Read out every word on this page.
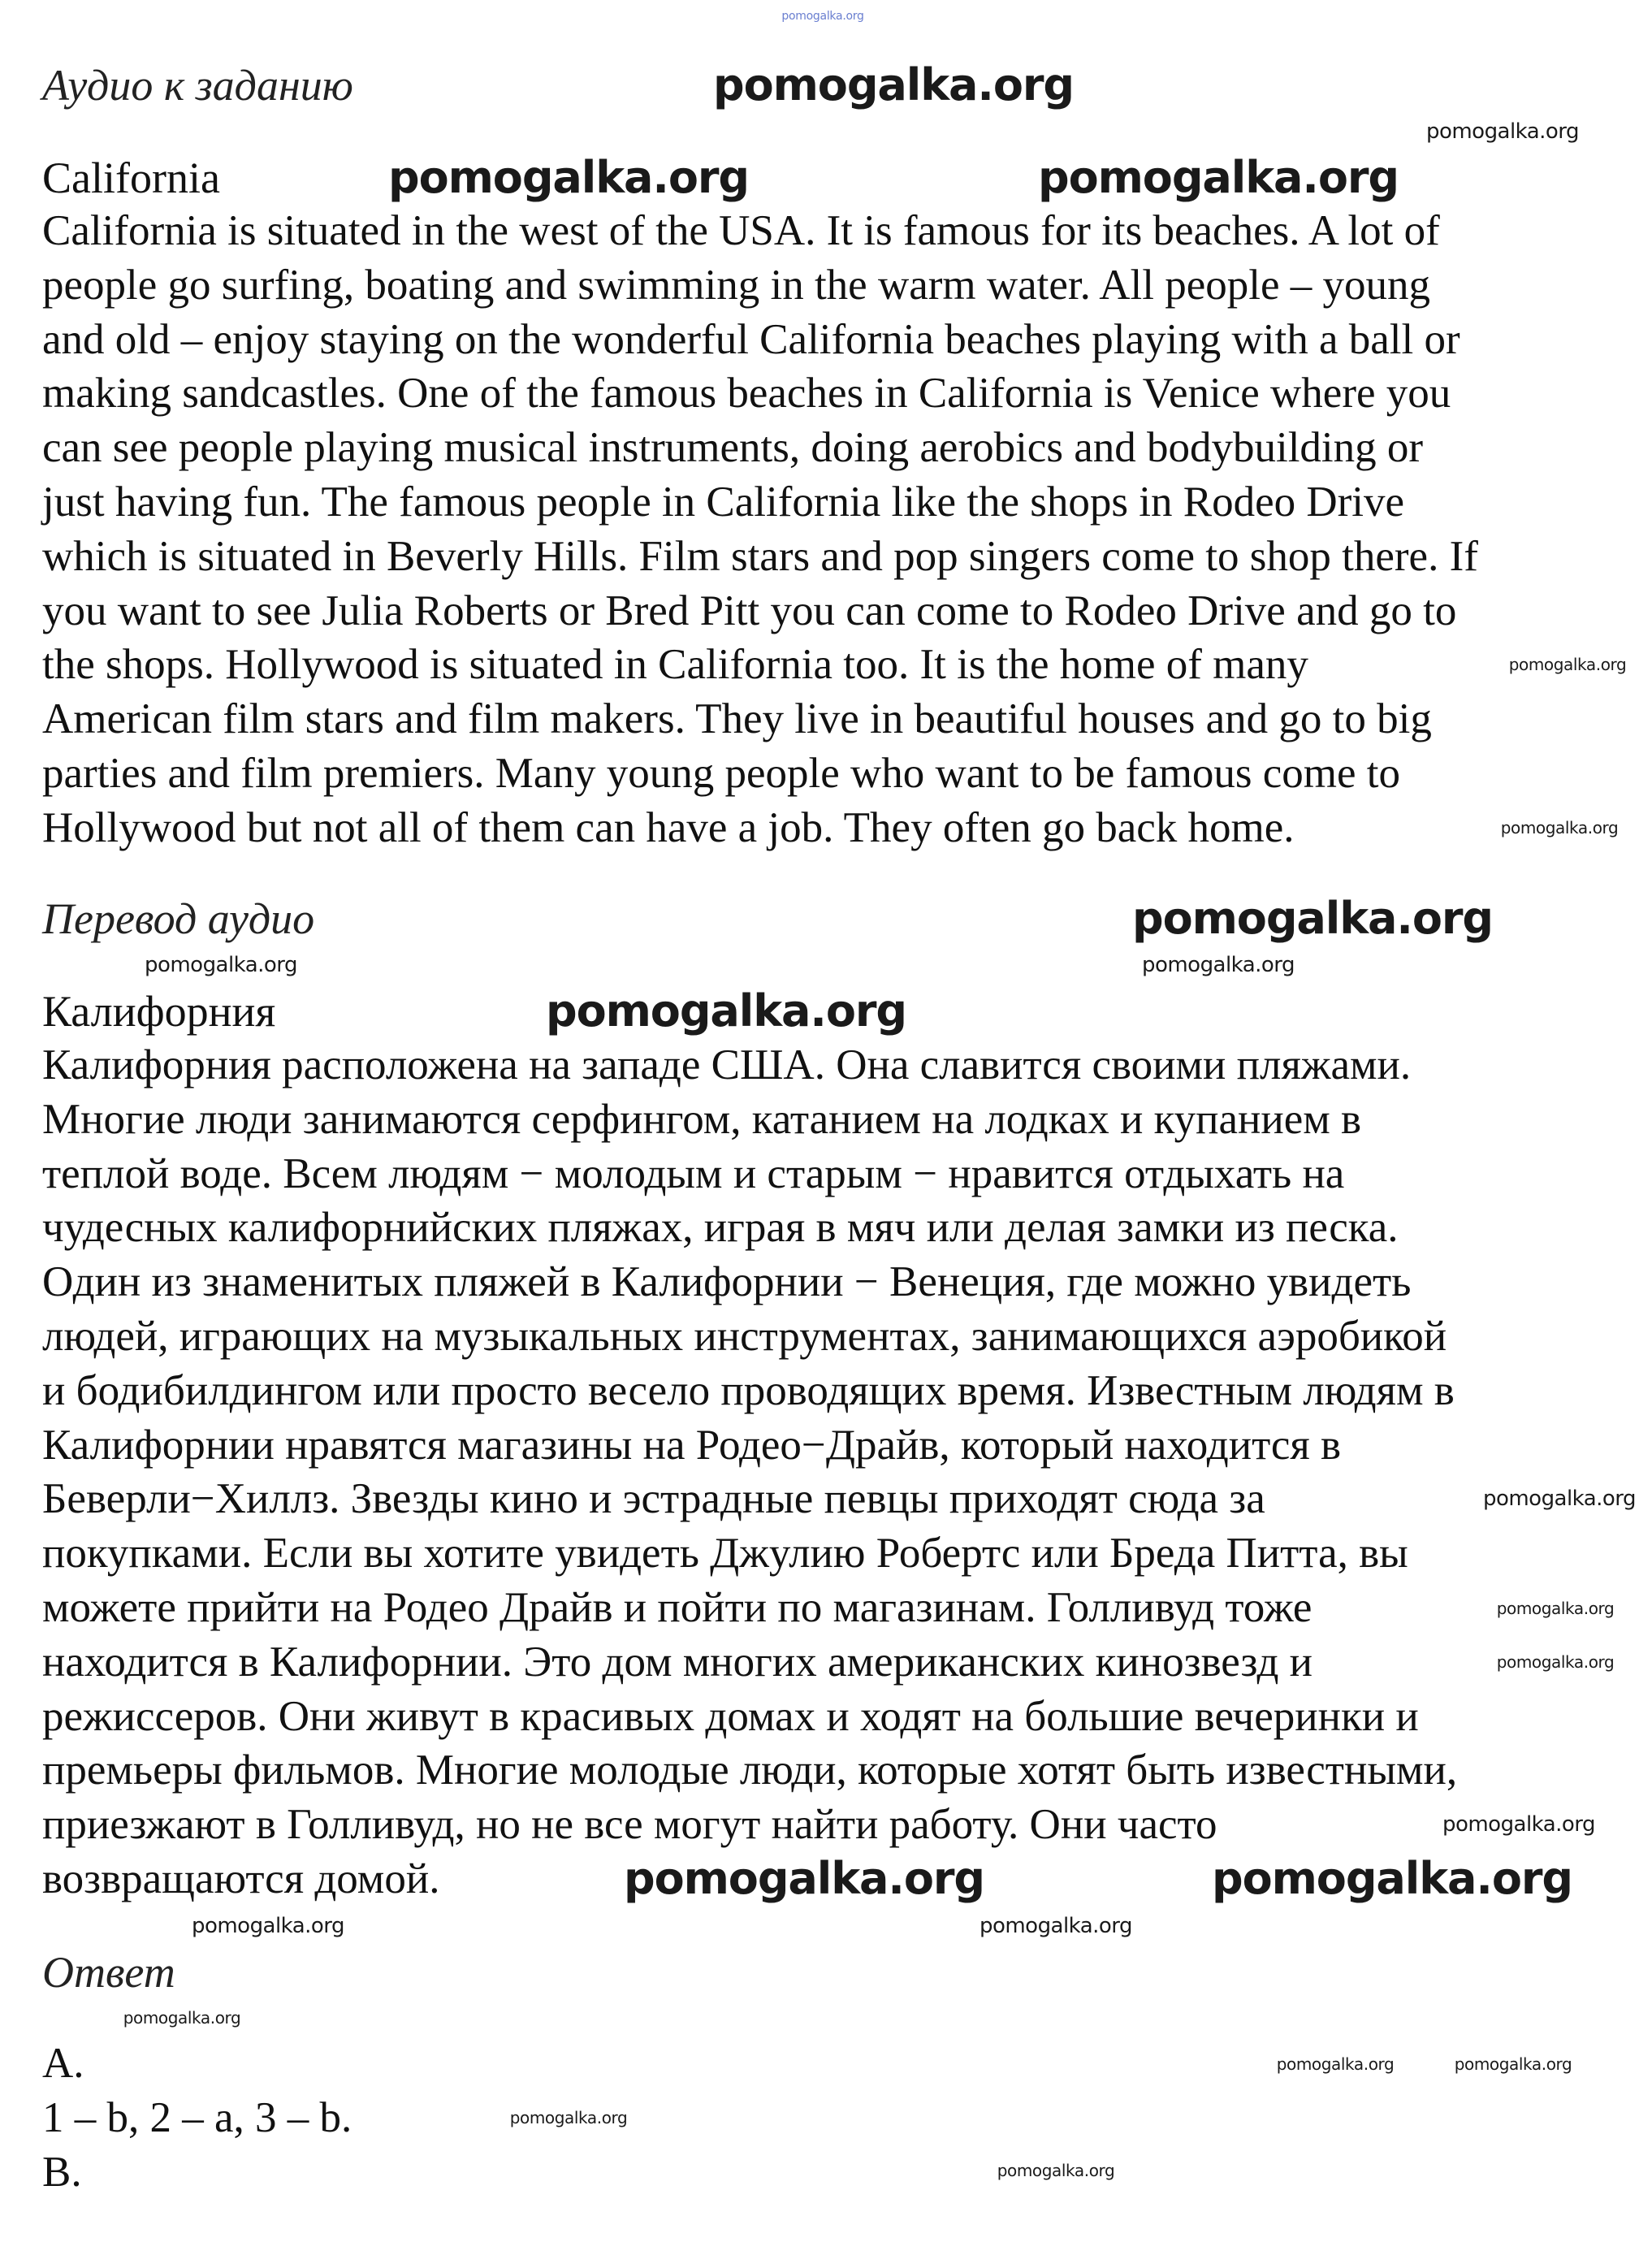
Аудио к заданию
California
California is situated in the west of the USA. It is famous for its beaches. A lot of
people go surfing, boating and swimming in the warm water. All people – young
and old – enjoy staying on the wonderful California beaches playing with a ball or
making sandcastles. One of the famous beaches in California is Venice where you
can see people playing musical instruments, doing aerobics and bodybuilding or
just having fun. The famous people in California like the shops in Rodeo Drive
which is situated in Beverly Hills. Film stars and pop singers come to shop there. If
you want to see Julia Roberts or Bred Pitt you can come to Rodeo Drive and go to
the shops. Hollywood is situated in California too. It is the home of many
American film stars and film makers. They live in beautiful houses and go to big
parties and film premiers. Many young people who want to be famous come to
Hollywood but not all of them can have a job. They often go back home.
Перевод аудио
Калифорния
Калифорния расположена на западе США. Она славится своими пляжами.
Многие люди занимаются серфингом, катанием на лодках и купанием в
теплой воде. Всем людям − молодым и старым − нравится отдыхать на
чудесных калифорнийских пляжах, играя в мяч или делая замки из песка.
Один из знаменитых пляжей в Калифорнии − Венеция, где можно увидеть
людей, играющих на музыкальных инструментах, занимающихся аэробикой
и бодибилдингом или просто весело проводящих время. Известным людям в
Калифорнии нравятся магазины на Родео−Драйв, который находится в
Беверли−Хиллз. Звезды кино и эстрадные певцы приходят сюда за
покупками. Если вы хотите увидеть Джулию Робертс или Бреда Питта, вы
можете прийти на Родео Драйв и пойти по магазинам. Голливуд тоже
находится в Калифорнии. Это дом многих американских кинозвезд и
режиссеров. Они живут в красивых домах и ходят на большие вечеринки и
премьеры фильмов. Многие молодые люди, которые хотят быть известными,
приезжают в Голливуд, но не все могут найти работу. Они часто
возвращаются домой.
Ответ
A.
1 – b, 2 – a, 3 – b.
B.
pomogalka.org
pomogalka.org
pomogalka.org	pomogalka.org
pomogalka.org
pomogalka.org
pomogalka.org	pomogalka.org
pomogalka.org
pomogalka.org	pomogalka.org
pomogalka.org	pomogalka.org
pomogalka.org
pomogalka.org
pomogalka.org
pomogalka.org
pomogalka.org
pomogalka.org
pomogalka.org
pomogalka.org	pomogalka.org
pomogalka.org
pomogalka.org
